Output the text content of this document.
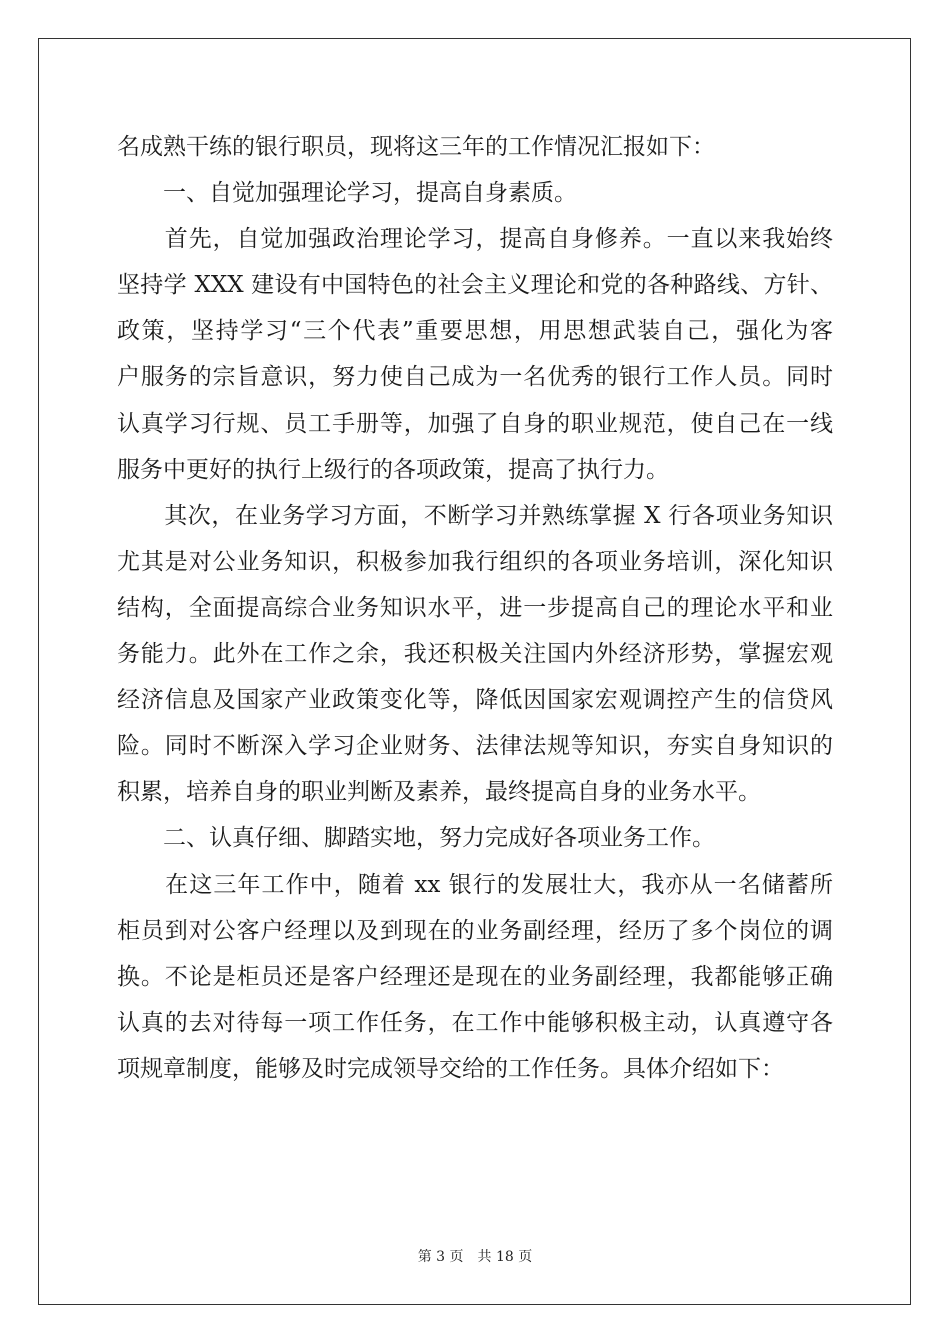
名成熟干练的银行职员，现将这三年的工作情况汇报如下：
　　一、自觉加强理论学习，提高自身素质。
　　首先，自觉加强政治理论学习，提高自身修养。一直以来我始终
坚持学 XXX 建设有中国特色的社会主义理论和党的各种路线、方针、
政策，坚持学习“三个代表”重要思想，用思想武装自己，强化为客
户服务的宗旨意识，努力使自己成为一名优秀的银行工作人员。同时
认真学习行规、员工手册等，加强了自身的职业规范，使自己在一线
服务中更好的执行上级行的各项政策，提高了执行力。
　　其次，在业务学习方面，不断学习并熟练掌握 X 行各项业务知识
尤其是对公业务知识，积极参加我行组织的各项业务培训，深化知识
结构，全面提高综合业务知识水平，进一步提高自己的理论水平和业
务能力。此外在工作之余，我还积极关注国内外经济形势，掌握宏观
经济信息及国家产业政策变化等，降低因国家宏观调控产生的信贷风
险。同时不断深入学习企业财务、法律法规等知识，夯实自身知识的
积累，培养自身的职业判断及素养，最终提高自身的业务水平。
　　二、认真仔细、脚踏实地，努力完成好各项业务工作。
　　在这三年工作中，随着 xx 银行的发展壮大，我亦从一名储蓄所
柜员到对公客户经理以及到现在的业务副经理，经历了多个岗位的调
换。不论是柜员还是客户经理还是现在的业务副经理，我都能够正确
认真的去对待每一项工作任务，在工作中能够积极主动，认真遵守各
项规章制度，能够及时完成领导交给的工作任务。具体介绍如下：
第 3 页 共 18 页
